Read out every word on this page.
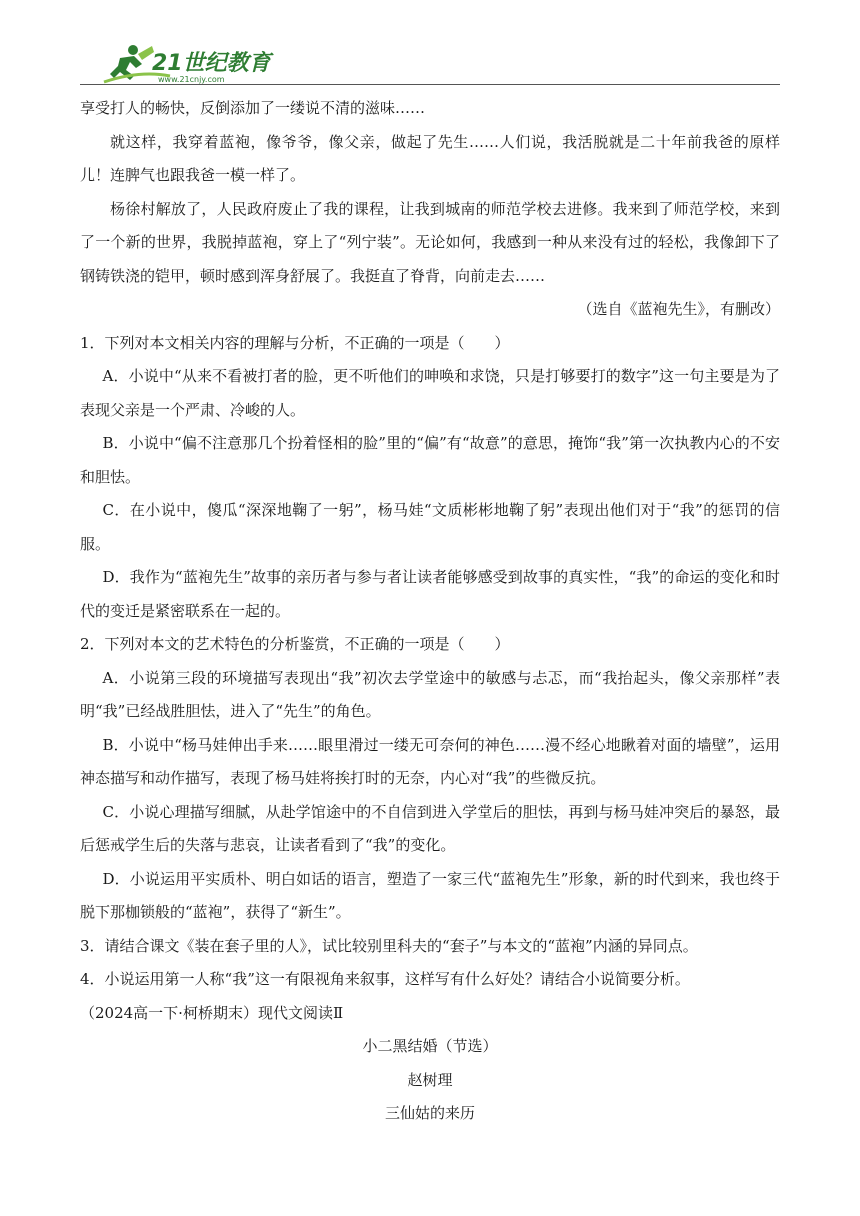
21世纪教育
www.21cnjy.com

享受打人的畅快，反倒添加了一缕说不清的滋味……

就这样，我穿着蓝袍，像爷爷，像父亲，做起了先生……人们说，我活脱就是二十年前我爸的原样儿！连脾气也跟我爸一模一样了。

杨徐村解放了，人民政府废止了我的课程，让我到城南的师范学校去进修。我来到了师范学校，来到了一个新的世界，我脱掉蓝袍，穿上了“列宁装”。无论如何，我感到一种从来没有过的轻松，我像卸下了钢铸铁浇的铠甲，顿时感到浑身舒展了。我挺直了脊背，向前走去……

（选自《蓝袍先生》，有删改）

1．下列对本文相关内容的理解与分析，不正确的一项是（　　）

A．小说中“从来不看被打者的脸，更不听他们的呻唤和求饶，只是打够要打的数字”这一句主要是为了表现父亲是一个严肃、冷峻的人。

B．小说中“偏不注意那几个扮着怪相的脸”里的“偏”有“故意”的意思，掩饰“我”第一次执教内心的不安和胆怯。

C．在小说中，傻瓜“深深地鞠了一躬”，杨马娃“文质彬彬地鞠了躬”表现出他们对于“我”的惩罚的信服。

D．我作为“蓝袍先生”故事的亲历者与参与者让读者能够感受到故事的真实性，“我”的命运的变化和时代的变迁是紧密联系在一起的。

2．下列对本文的艺术特色的分析鉴赏，不正确的一项是（　　）

A．小说第三段的环境描写表现出“我”初次去学堂途中的敏感与忐忑，而“我抬起头，像父亲那样”表明“我”已经战胜胆怯，进入了“先生”的角色。

B．小说中“杨马娃伸出手来……眼里滑过一缕无可奈何的神色……漫不经心地瞅着对面的墙壁”，运用神态描写和动作描写，表现了杨马娃将挨打时的无奈，内心对“我”的些微反抗。

C．小说心理描写细腻，从赴学馆途中的不自信到进入学堂后的胆怯，再到与杨马娃冲突后的暴怒，最后惩戒学生后的失落与悲哀，让读者看到了“我”的变化。

D．小说运用平实质朴、明白如话的语言，塑造了一家三代“蓝袍先生”形象，新的时代到来，我也终于脱下那枷锁般的“蓝袍”，获得了“新生”。

3．请结合课文《装在套子里的人》，试比较别里科夫的“套子”与本文的“蓝袍”内涵的异同点。

4．小说运用第一人称“我”这一有限视角来叙事，这样写有什么好处？请结合小说简要分析。

（2024高一下·柯桥期末）现代文阅读Ⅱ

小二黑结婚（节选）

赵树理

三仙姑的来历
